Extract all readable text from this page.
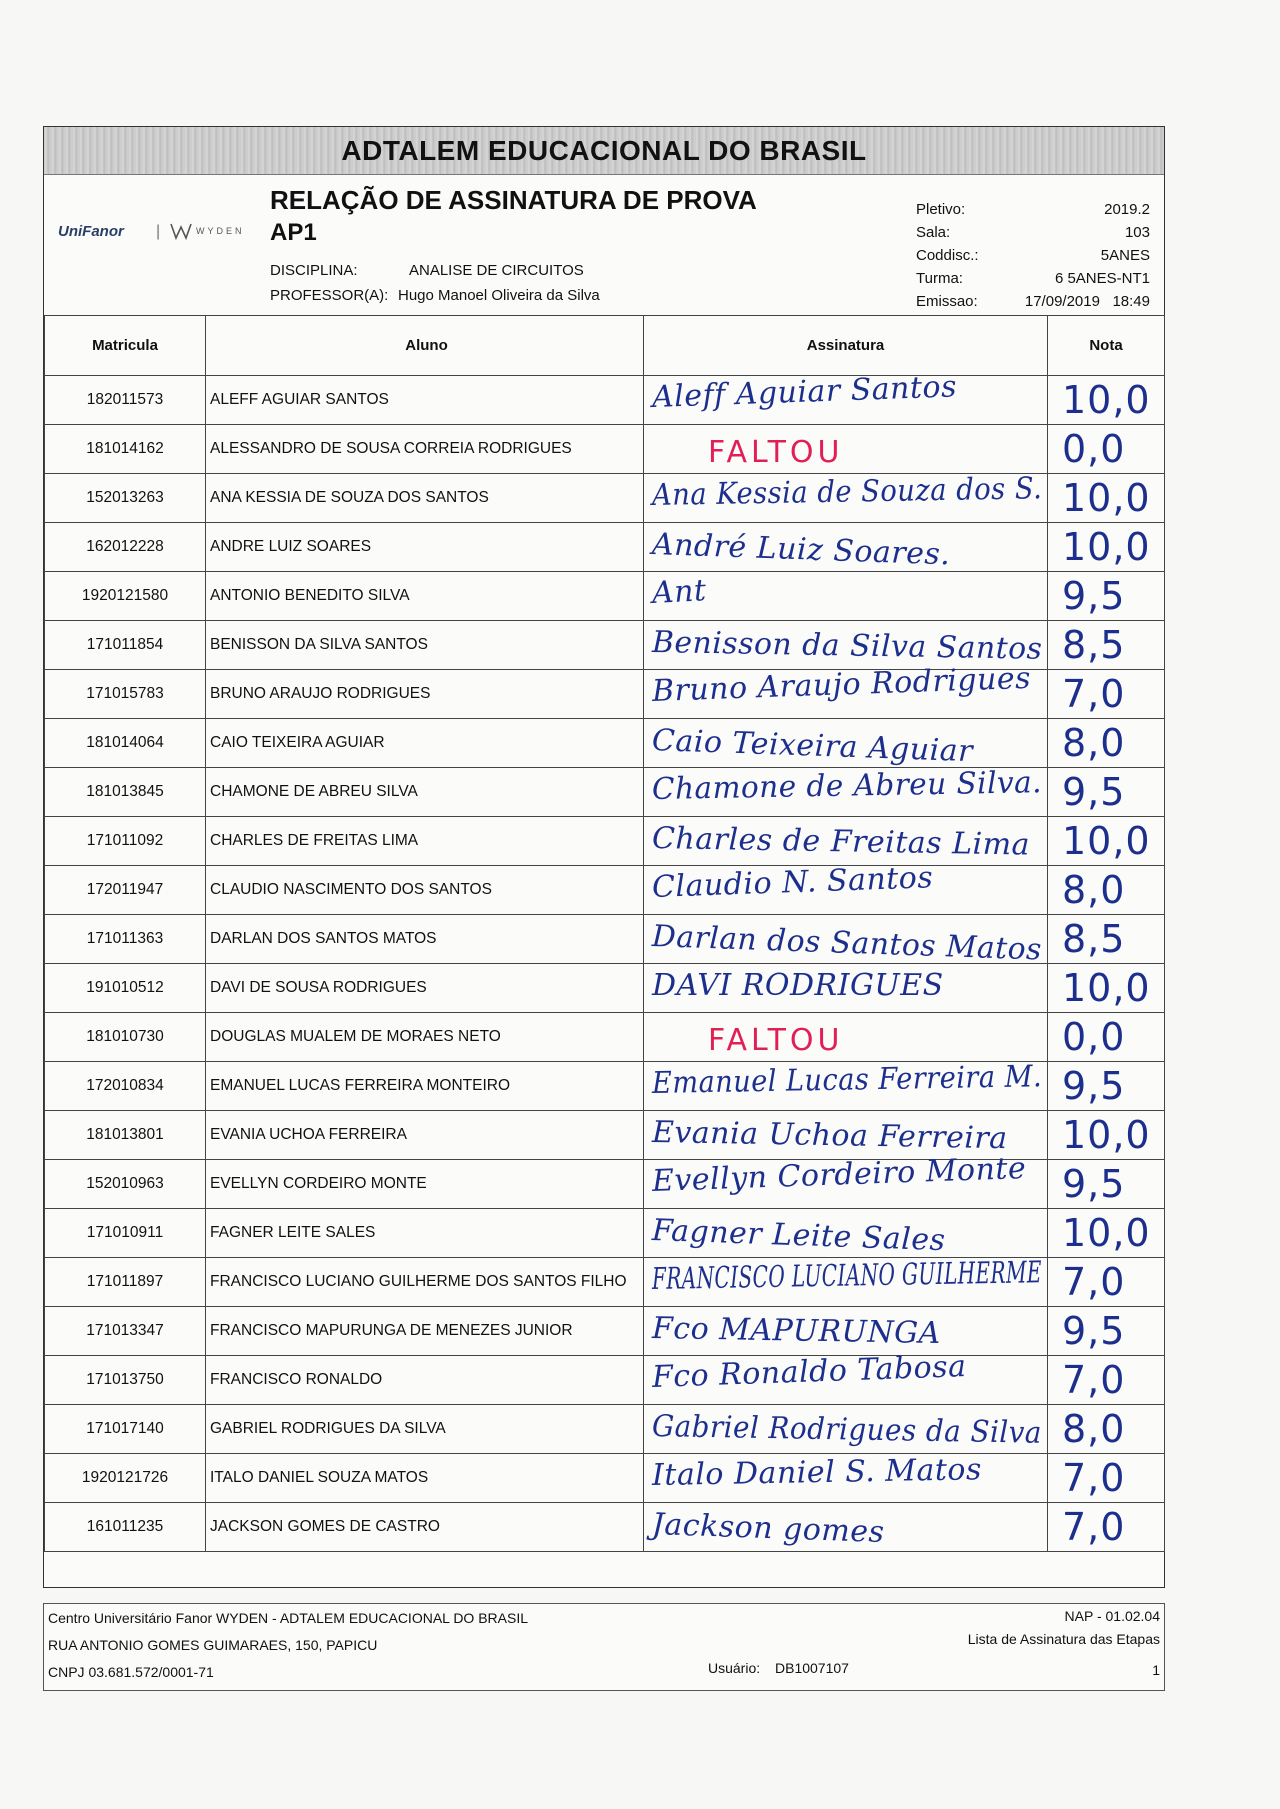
ADTALEM EDUCACIONAL DO BRASIL
UniFanor |	WYDEN
RELAÇÃO DE ASSINATURA DE PROVA
AP1
DISCIPLINA:	ANALISE DE CIRCUITOS
PROFESSOR(A): Hugo Manoel Oliveira da Silva
Pletivo:	2019.2
Sala:	103
Coddisc.:	5ANES
Turma:	6 5ANES-NT1
Emissao:	17/09/2019   18:49
Matricula	Aluno	Assinatura	Nota
182011573	ALEFF AGUIAR SANTOS	Aleff Aguiar Santos	10,0

181014162	ALESSANDRO DE SOUSA CORREIA RODRIGUES	FALTOU	0,0

152013263	ANA KESSIA DE SOUZA DOS SANTOS	Ana Kessia de Souza dos S.	10,0

162012228	ANDRE LUIZ SOARES	André Luiz Soares.	10,0

1920121580	ANTONIO BENEDITO SILVA	Ant	9,5

171011854	BENISSON DA SILVA SANTOS	Benisson da Silva Santos	8,5

171015783	BRUNO ARAUJO RODRIGUES	Bruno Araujo Rodrigues	7,0

181014064	CAIO TEIXEIRA AGUIAR	Caio Teixeira Aguiar	8,0

181013845	CHAMONE DE ABREU SILVA	Chamone de Abreu Silva.	9,5

171011092	CHARLES DE FREITAS LIMA	Charles de Freitas Lima	10,0

172011947	CLAUDIO NASCIMENTO DOS SANTOS	Claudio N. Santos	8,0

171011363	DARLAN DOS SANTOS MATOS	Darlan dos Santos Matos	8,5

191010512	DAVI DE SOUSA RODRIGUES	DAVI RODRIGUES	10,0

181010730	DOUGLAS MUALEM DE MORAES NETO	FALTOU	0,0

172010834	EMANUEL LUCAS FERREIRA MONTEIRO	Emanuel Lucas Ferreira M.	9,5

181013801	EVANIA UCHOA FERREIRA	Evania Uchoa Ferreira	10,0

152010963	EVELLYN CORDEIRO MONTE	Evellyn Cordeiro Monte	9,5

171010911	FAGNER LEITE SALES	Fagner Leite Sales	10,0

171011897	FRANCISCO LUCIANO GUILHERME DOS SANTOS FILHO	FRANCISCO LUCIANO GUILHERME	7,0

171013347	FRANCISCO MAPURUNGA DE MENEZES JUNIOR	Fco MAPURUNGA	9,5

171013750	FRANCISCO RONALDO	Fco Ronaldo Tabosa	7,0

171017140	GABRIEL RODRIGUES DA SILVA	Gabriel Rodrigues da Silva	8,0

1920121726	ITALO DANIEL SOUZA MATOS	Italo Daniel S. Matos	7,0

161011235	JACKSON GOMES DE CASTRO	Jackson gomes	7,0
Centro Universitário Fanor WYDEN - ADTALEM EDUCACIONAL DO BRASIL
RUA ANTONIO GOMES GUIMARAES, 150, PAPICU
CNPJ 03.681.572/0001-71	Usuário: DB1007107
NAP - 01.02.04
Lista de Assinatura das Etapas
1
